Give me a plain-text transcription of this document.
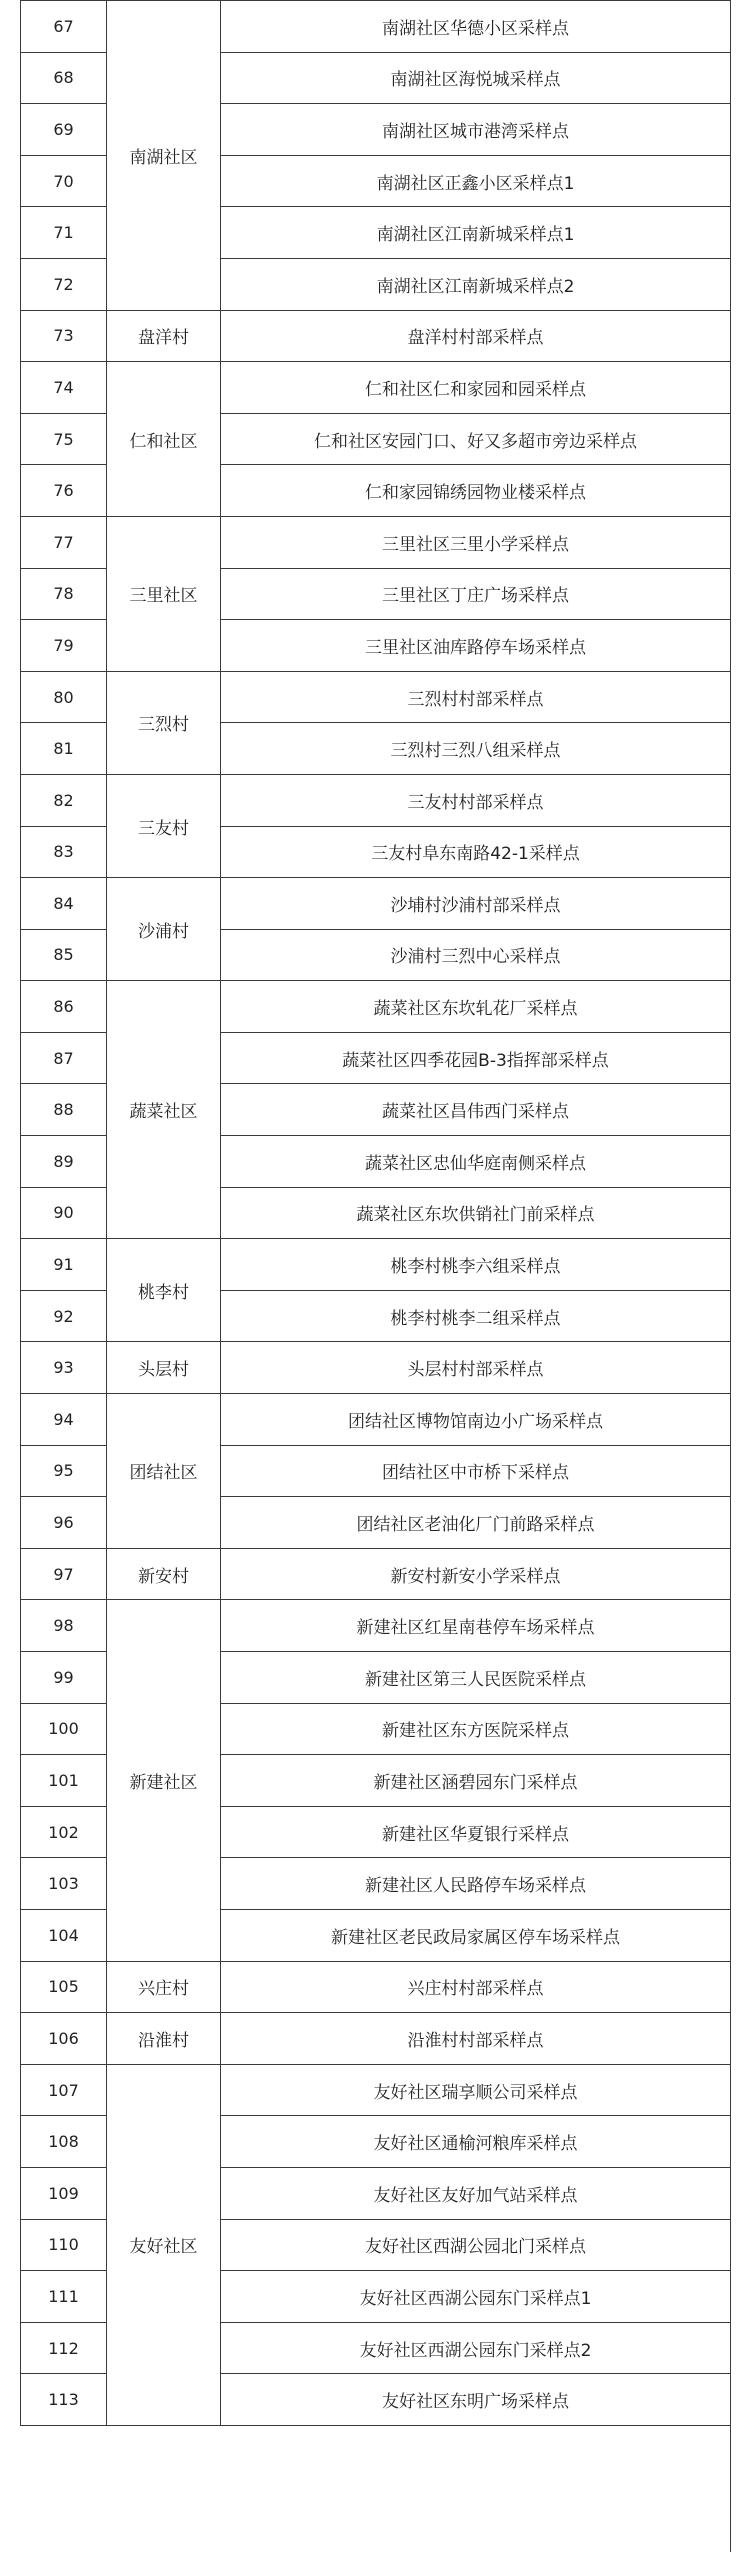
67	南湖社区	南湖社区华德小区采样点
68		南湖社区海悦城采样点
69		南湖社区城市港湾采样点
70		南湖社区正鑫小区采样点1
71		南湖社区江南新城采样点1
72		南湖社区江南新城采样点2
73	盘洋村	盘洋村村部采样点
74	仁和社区	仁和社区仁和家园和园采样点
75		仁和社区安园门口、好又多超市旁边采样点
76		仁和家园锦绣园物业楼采样点
77	三里社区	三里社区三里小学采样点
78		三里社区丁庄广场采样点
79		三里社区油库路停车场采样点
80	三烈村	三烈村村部采样点
81		三烈村三烈八组采样点
82	三友村	三友村村部采样点
83		三友村阜东南路42-1采样点
84	沙浦村	沙埔村沙浦村部采样点
85		沙浦村三烈中心采样点
86	蔬菜社区	蔬菜社区东坎轧花厂采样点
87		蔬菜社区四季花园B-3指挥部采样点
88		蔬菜社区昌伟西门采样点
89		蔬菜社区忠仙华庭南侧采样点
90		蔬菜社区东坎供销社门前采样点
91	桃李村	桃李村桃李六组采样点
92		桃李村桃李二组采样点
93	头层村	头层村村部采样点
94	团结社区	团结社区博物馆南边小广场采样点
95		团结社区中市桥下采样点
96		团结社区老油化厂门前路采样点
97	新安村	新安村新安小学采样点
98	新建社区	新建社区红星南巷停车场采样点
99		新建社区第三人民医院采样点
100		新建社区东方医院采样点
101		新建社区涵碧园东门采样点
102		新建社区华夏银行采样点
103		新建社区人民路停车场采样点
104		新建社区老民政局家属区停车场采样点
105	兴庄村	兴庄村村部采样点
106	沿淮村	沿淮村村部采样点
107	友好社区	友好社区瑞享顺公司采样点
108		友好社区通榆河粮库采样点
109		友好社区友好加气站采样点
110		友好社区西湖公园北门采样点
111		友好社区西湖公园东门采样点1
112		友好社区西湖公园东门采样点2
113		友好社区东明广场采样点
